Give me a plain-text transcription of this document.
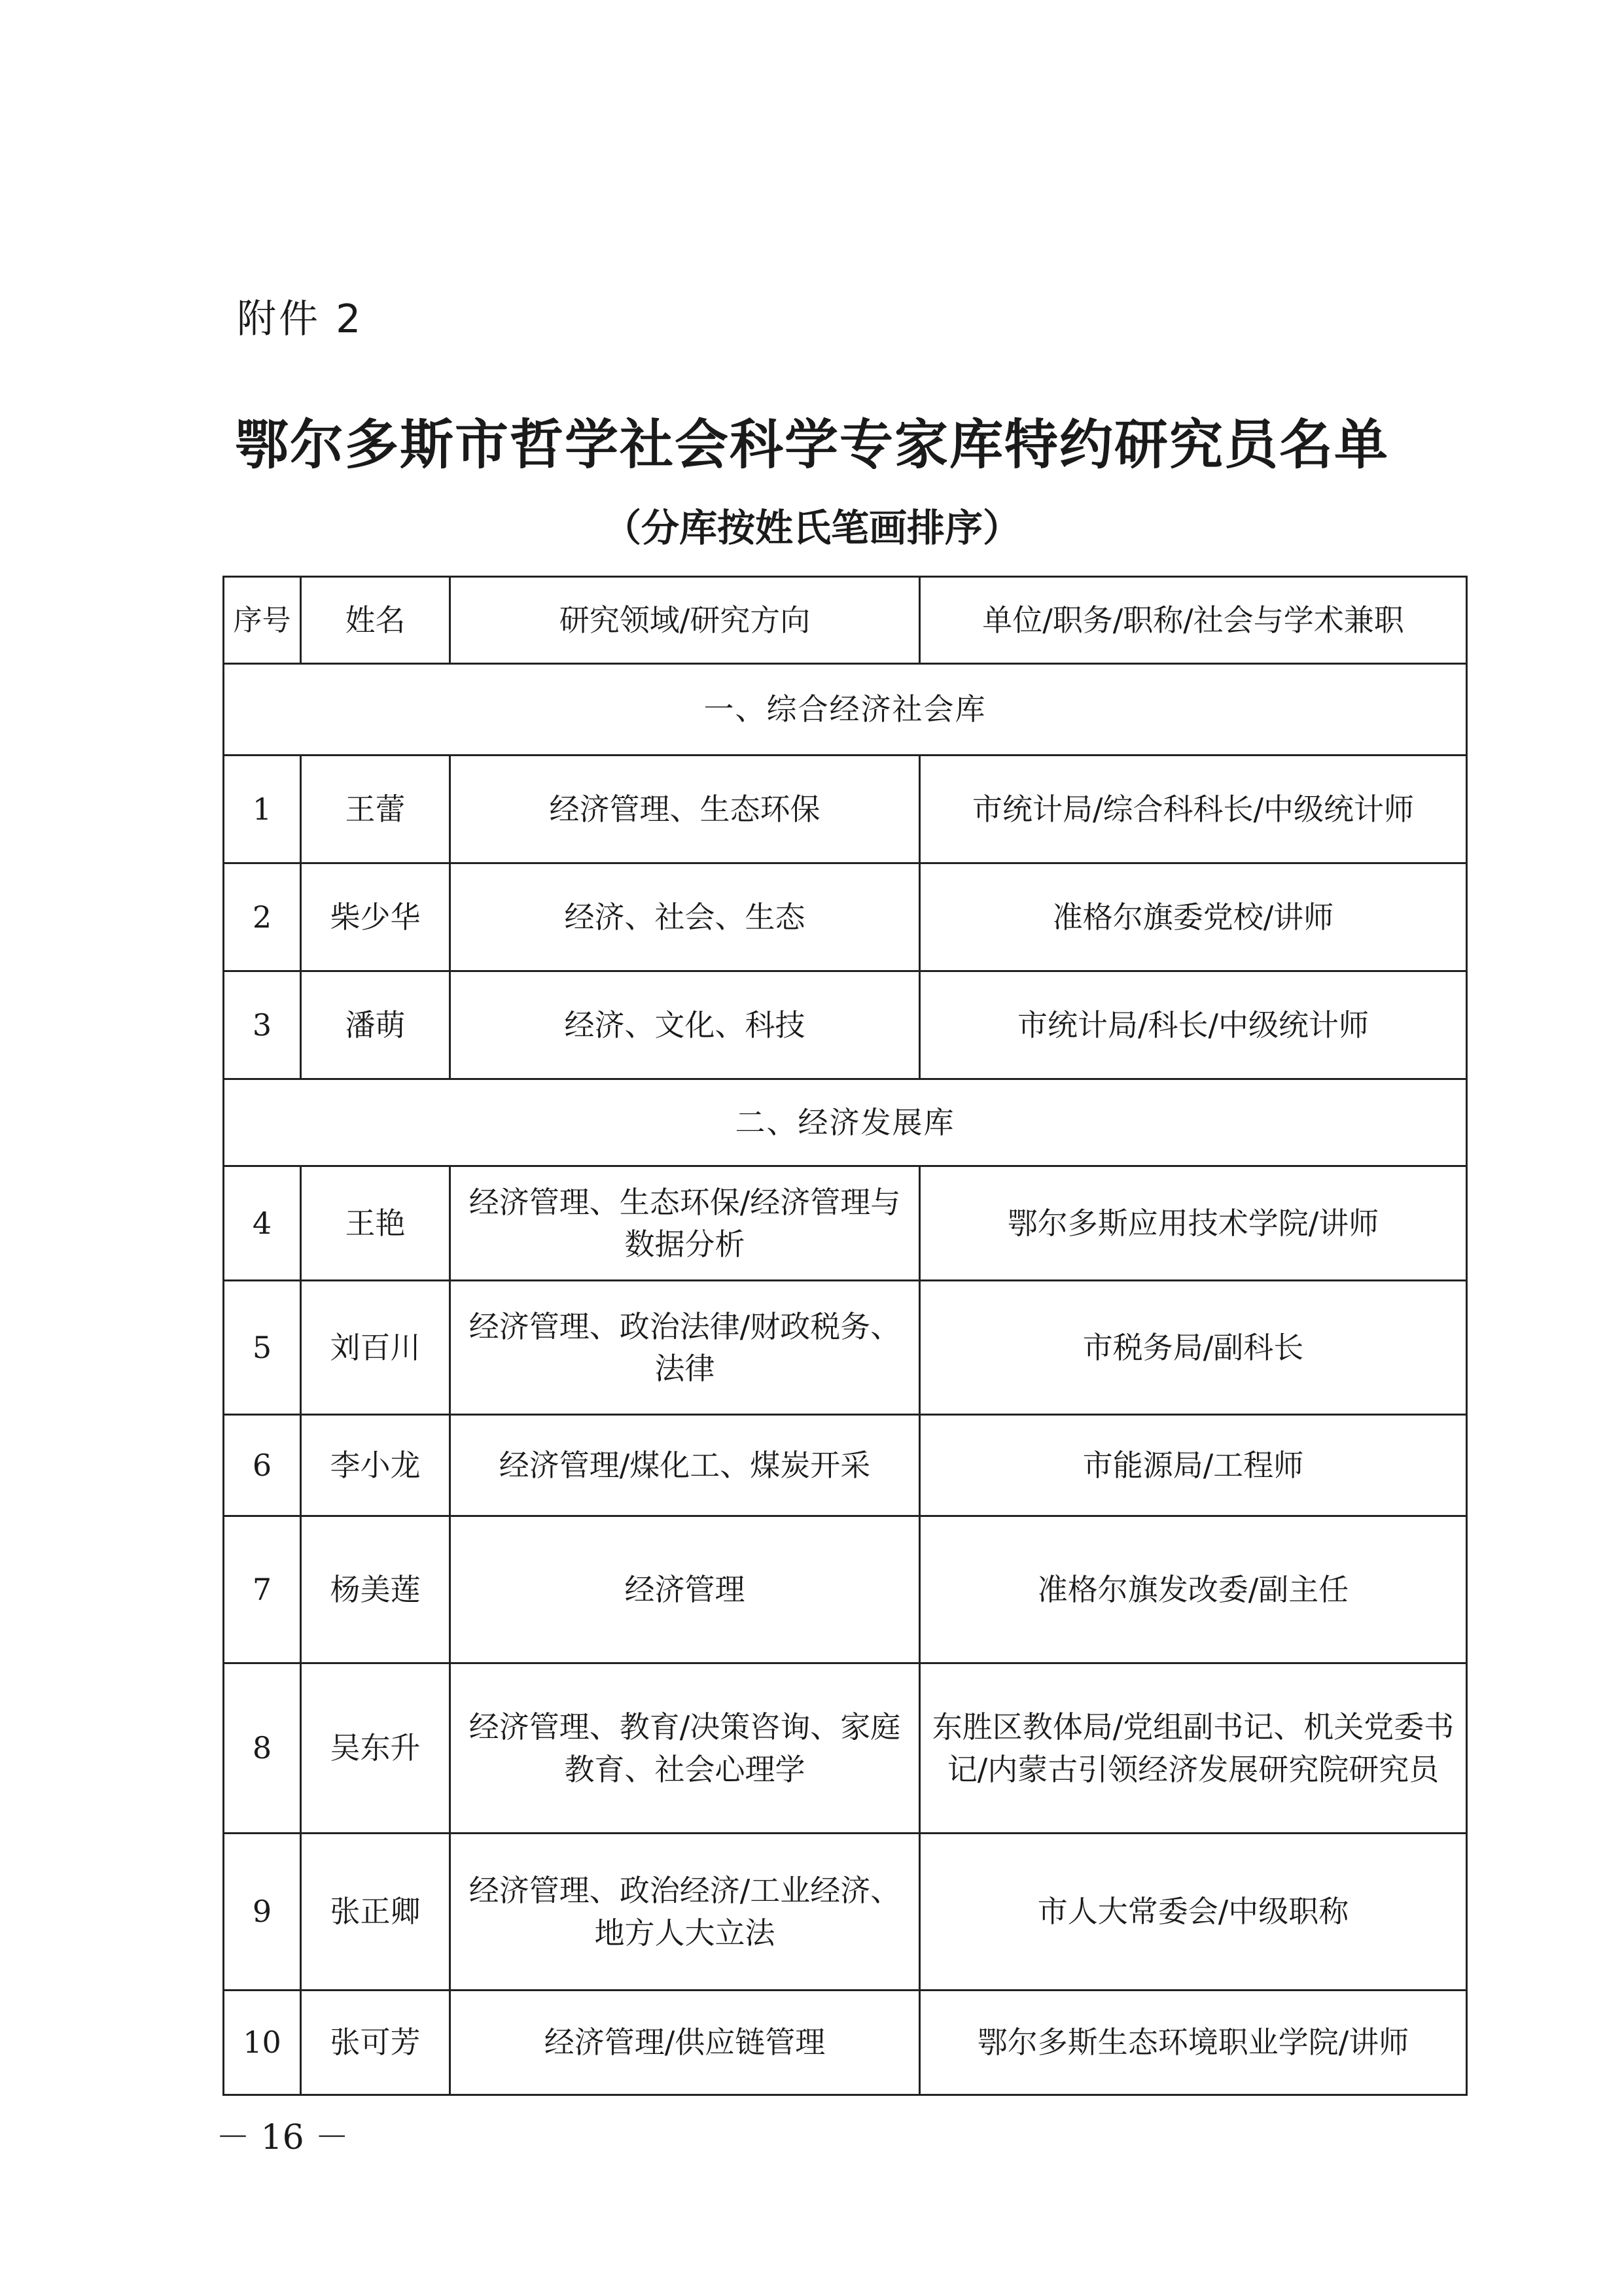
附件 2
鄂尔多斯市哲学社会科学专家库特约研究员名单
（分库按姓氏笔画排序）
序号	姓名	研究领域/研究方向	单位/职务/职称/社会与学术兼职
一、综合经济社会库			
1	王蕾	经济管理、生态环保	市统计局/综合科科长/中级统计师
2	柴少华	经济、社会、生态	准格尔旗委党校/讲师
3	潘萌	经济、文化、科技	市统计局/科长/中级统计师
二、经济发展库			
4	王艳	经济管理、生态环保/经济管理与数据分析	鄂尔多斯应用技术学院/讲师
5	刘百川	经济管理、政治法律/财政税务、法律	市税务局/副科长
6	李小龙	经济管理/煤化工、煤炭开采	市能源局/工程师
7	杨美莲	经济管理	准格尔旗发改委/副主任
8	吴东升	经济管理、教育/决策咨询、家庭教育、社会心理学	东胜区教体局/党组副书记、机关党委书记/内蒙古引领经济发展研究院研究员
9	张正卿	经济管理、政治经济/工业经济、地方人大立法	市人大常委会/中级职称
10	张可芳	经济管理/供应链管理	鄂尔多斯生态环境职业学院/讲师
－ 16 －
